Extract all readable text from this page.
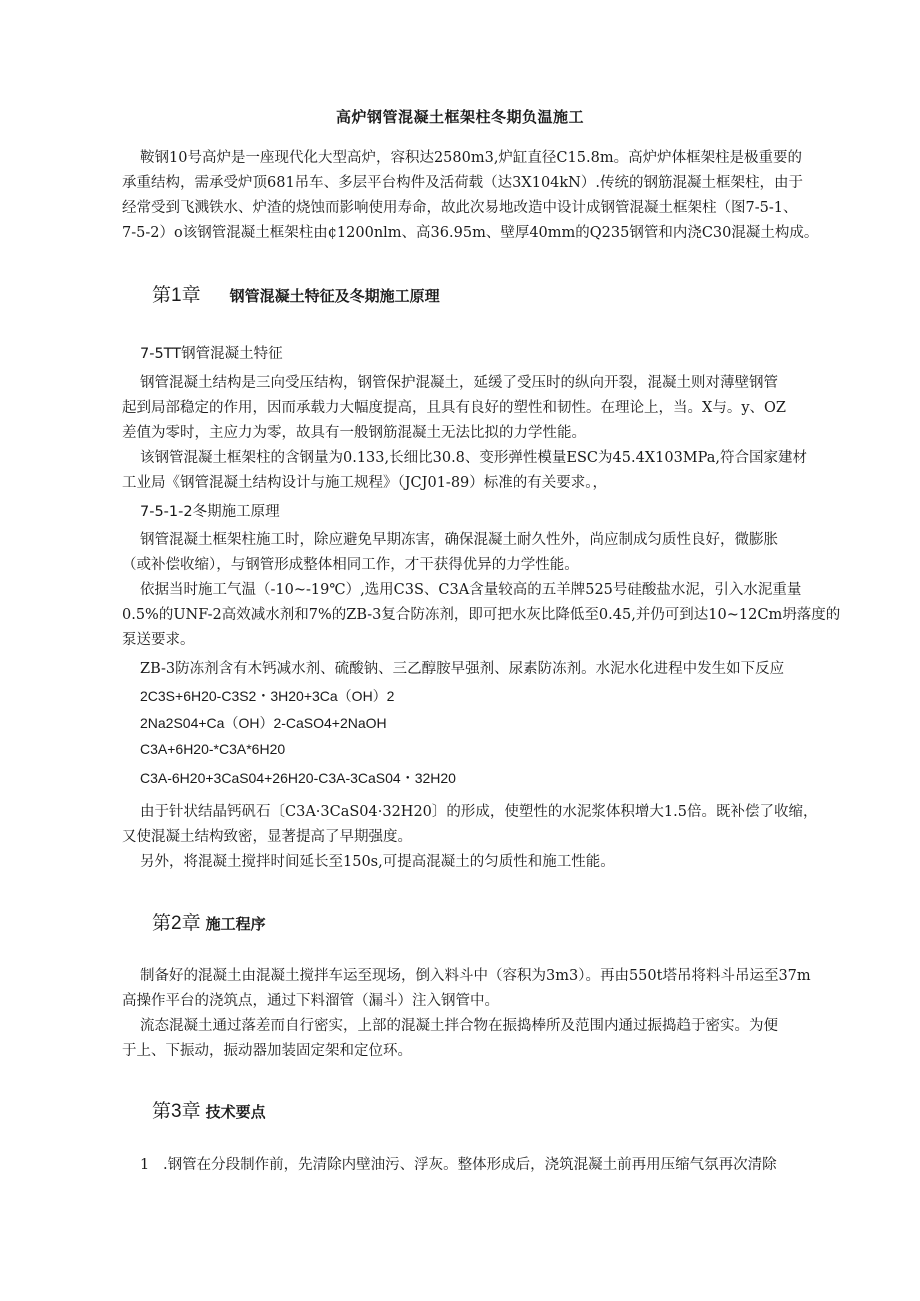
高炉钢管混凝土框架柱冬期负温施工
鞍钢10号高炉是一座现代化大型高炉，容积达2580m3,炉缸直径C15.8m。高炉炉体框架柱是极重要的
承重结构，需承受炉顶681吊车、多层平台构件及活荷载（达3X104kN）.传统的钢筋混凝土框架柱，由于
经常受到飞溅铁水、炉渣的烧蚀而影响使用寿命，故此次易地改造中设计成钢管混凝土框架柱（图7-5-1、
7-5-2）o该钢管混凝土框架柱由¢1200nlm、高36.95m、壁厚40mm的Q235钢管和内浇C30混凝土构成。
第1章 钢管混凝土特征及冬期施工原理
7-5TT钢管混凝土特征
钢管混凝土结构是三向受压结构，钢管保护混凝土，延缓了受压时的纵向开裂，混凝土则对薄壁钢管
起到局部稳定的作用，因而承载力大幅度提高，且具有良好的塑性和韧性。在理论上，当。X与。y、OZ
差值为零时，主应力为零，故具有一般钢筋混凝土无法比拟的力学性能。
该钢管混凝土框架柱的含钢量为0.133,长细比30.8、变形弹性模量ESC为45.4X103MPa,符合国家建材
工业局《钢管混凝土结构设计与施工规程》（JCJ01-89）标准的有关要求。，
7-5-1-2冬期施工原理
钢管混凝土框架柱施工时，除应避免早期冻害，确保混凝土耐久性外，尚应制成匀质性良好，微膨胀
（或补偿收缩），与钢管形成整体相同工作，才干获得优异的力学性能。
依据当时施工气温（-10~-19℃）,选用C3S、C3A含量较高的五羊牌525号硅酸盐水泥，引入水泥重量
0.5%的UNF-2高效减水剂和7%的ZB-3复合防冻剂，即可把水灰比降低至0.45,并仍可到达10~12Cm坍落度的
泵送要求。
ZB-3防冻剂含有木钙减水剂、硫酸钠、三乙醇胺早强剂、尿素防冻剂。水泥水化进程中发生如下反应
2C3S+6H20-C3S2・3H20+3Ca（OH）2
2Na2S04+Ca（OH）2-CaSO4+2NaOH
C3A+6H20-*C3A*6H20
C3A-6H20+3CaS04+26H20-C3A-3CaS04・32H20
由于针状结晶钙矾石〔C3A·3CaS04·32H20〕的形成，使塑性的水泥浆体积增大1.5倍。既补偿了收缩，
又使混凝土结构致密，显著提高了早期强度。
另外，将混凝土搅拌时间延长至150s,可提高混凝土的匀质性和施工性能。
第2章 施工程序
制备好的混凝土由混凝土搅拌车运至现场，倒入料斗中（容积为3m3）。再由550t塔吊将料斗吊运至37m
高操作平台的浇筑点，通过下料溜管（漏斗）注入钢管中。
流态混凝土通过落差而自行密实，上部的混凝土拌合物在振捣棒所及范围内通过振捣趋于密实。为便
于上、下振动，振动器加装固定架和定位环。
第3章 技术要点
1   .钢管在分段制作前，先清除内壁油污、浮灰。整体形成后，浇筑混凝土前再用压缩气氛再次清除
